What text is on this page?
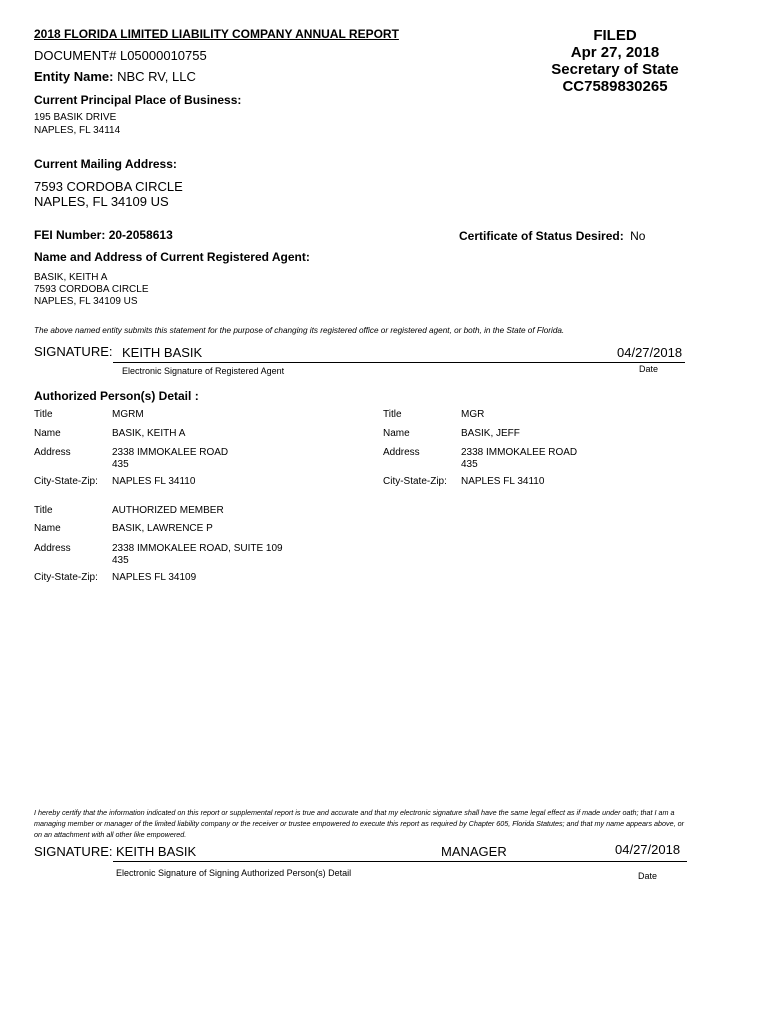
2018 FLORIDA LIMITED LIABILITY COMPANY ANNUAL REPORT
DOCUMENT# L05000010755
Entity Name: NBC RV, LLC
FILED
Apr 27, 2018
Secretary of State
CC7589830265
Current Principal Place of Business:
195 BASIK DRIVE
NAPLES, FL 34114
Current Mailing Address:
7593 CORDOBA CIRCLE
NAPLES, FL 34109 US
FEI Number: 20-2058613	Certificate of Status Desired: No
Name and Address of Current Registered Agent:
BASIK, KEITH A
7593 CORDOBA CIRCLE
NAPLES, FL 34109 US
The above named entity submits this statement for the purpose of changing its registered office or registered agent, or both, in the State of Florida.
SIGNATURE: KEITH BASIK	04/27/2018
Electronic Signature of Registered Agent	Date
Authorized Person(s) Detail :
Title	MGRM
Name	BASIK, KEITH A
Address	2338 IMMOKALEE ROAD
435
City-State-Zip: NAPLES FL 34110
Title	MGR
Name	BASIK, JEFF
Address	2338 IMMOKALEE ROAD
435
City-State-Zip: NAPLES FL 34110
Title	AUTHORIZED MEMBER
Name	BASIK, LAWRENCE P
Address	2338 IMMOKALEE ROAD, SUITE 109
435
City-State-Zip: NAPLES FL 34109
I hereby certify that the information indicated on this report or supplemental report is true and accurate and that my electronic signature shall have the same legal effect as if made under oath; that I am a managing member or manager of the limited liability company or the receiver or trustee empowered to execute this report as required by Chapter 605, Florida Statutes; and that my name appears above, or on an attachment with all other like empowered.
SIGNATURE: KEITH BASIK	MANAGER	04/27/2018
Electronic Signature of Signing Authorized Person(s) Detail	Date
